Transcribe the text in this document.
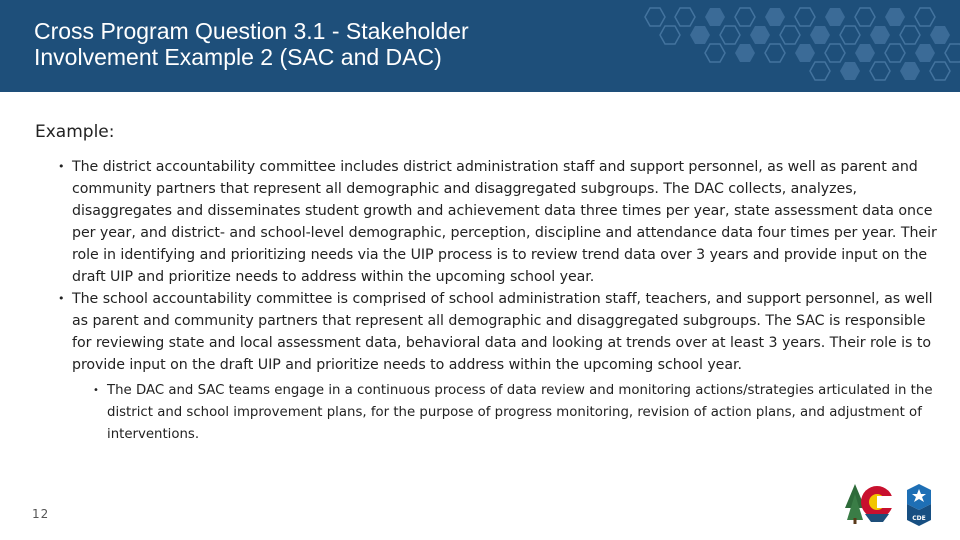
Cross Program Question 3.1 - Stakeholder
Involvement Example 2 (SAC and DAC)
Example:
• The district accountability committee includes district administration staff and support personnel, as well as parent and community partners that represent all demographic and disaggregated subgroups. The DAC collects, analyzes, disaggregates and disseminates student growth and achievement data three times per year, state assessment data once per year, and district- and school-level demographic, perception, discipline and attendance data four times per year. Their role in identifying and prioritizing needs via the UIP process is to review trend data over 3 years and provide input on the draft UIP and prioritize needs to address within the upcoming school year.
• The school accountability committee is comprised of school administration staff, teachers, and support personnel, as well as parent and community partners that represent all demographic and disaggregated subgroups. The SAC is responsible for reviewing state and local assessment data, behavioral data and looking at trends over at least 3 years. Their role is to provide input on the draft UIP and prioritize needs to address within the upcoming school year.
• The DAC and SAC teams engage in a continuous process of data review and monitoring actions/strategies articulated in the district and school improvement plans, for the purpose of progress monitoring, revision of action plans, and adjustment of interventions.
12	CDE
